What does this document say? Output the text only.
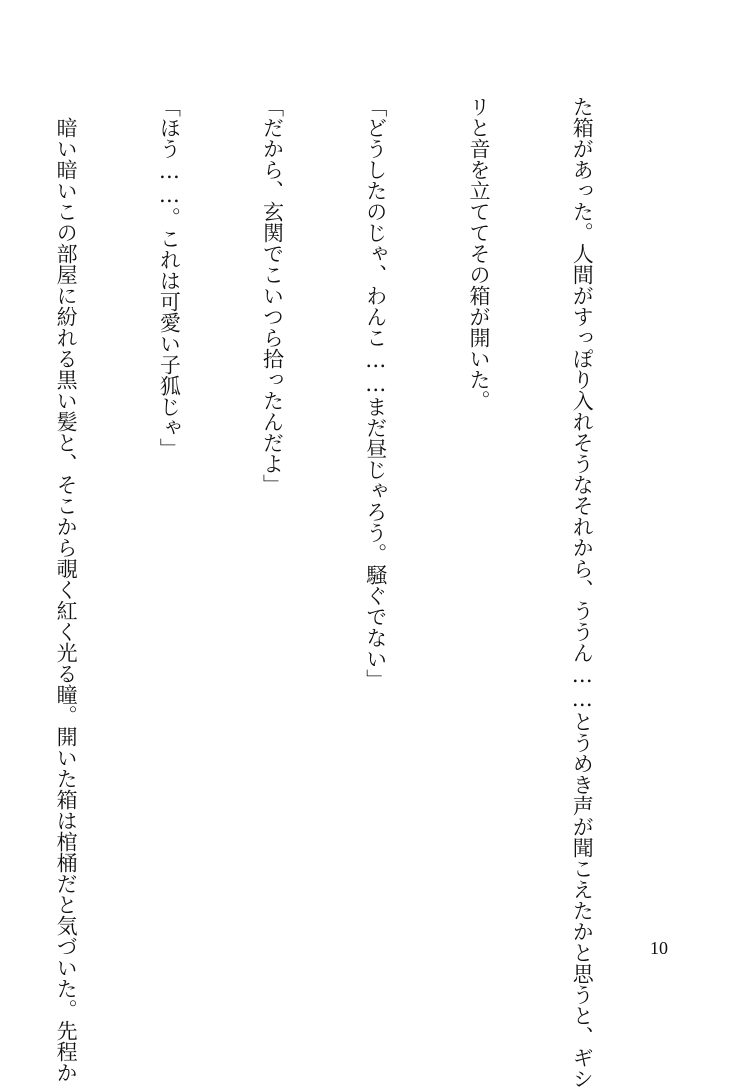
た箱があった。人間がすっぽり入れそうなそれから、ううん……とうめき声が聞こえたかと思うと、ギシ

リと音を立ててその箱が開いた。

「どうしたのじゃ、わんこ……まだ昼じゃろう。騒ぐでない」

「だから、玄関でこいつら拾ったんだよ」

「ほう……。これは可愛い子狐じゃ」

　暗い暗いこの部屋に紛れる黒い髪と、そこから覗く紅く光る瞳。開いた箱は棺桶だと気づいた。先程か

	10
